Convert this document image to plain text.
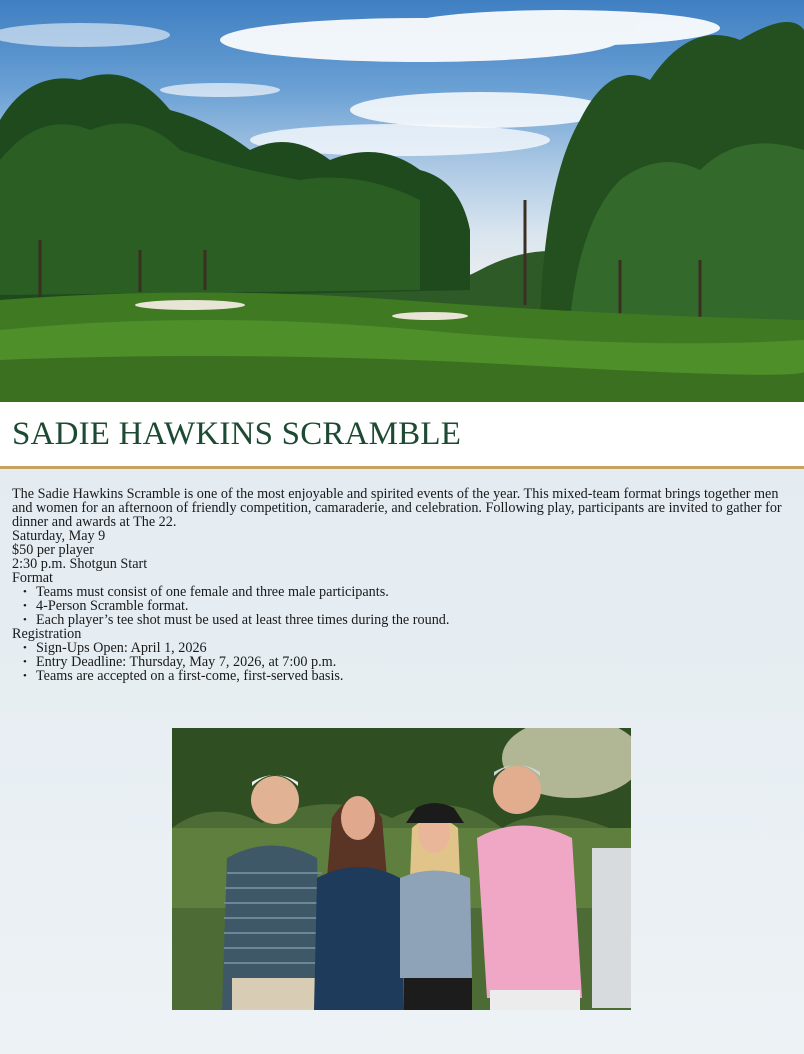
SADIE HAWKINS SCRAMBLE

The Sadie Hawkins Scramble is one of the most enjoyable and spirited events of the year. This mixed-team format brings together men and women for an afternoon of friendly competition, camaraderie, and celebration. Following play, participants are invited to gather for dinner and awards at The 22.

Saturday, May 9

$50 per player

2:30 p.m. Shotgun Start

Format

• Teams must consist of one female and three male participants.
• 4-Person Scramble format.
• Each player’s tee shot must be used at least three times during the round.

Registration

• Sign-Ups Open: April 1, 2026
• Entry Deadline: Thursday, May 7, 2026, at 7:00 p.m.
• Teams are accepted on a first-come, first-served basis.
